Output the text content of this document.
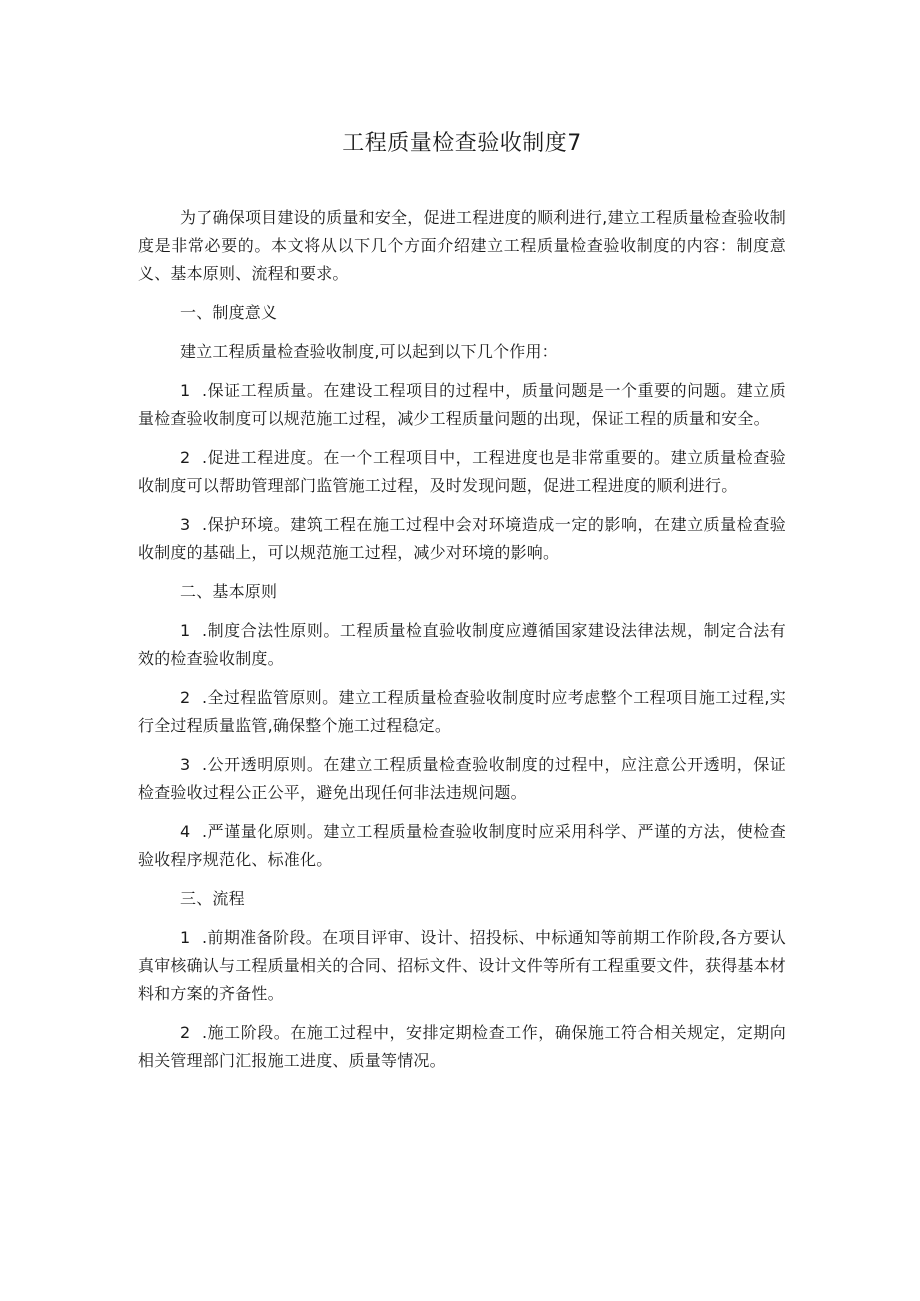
工程质量检查验收制度7

为了确保项目建设的质量和安全，促进工程进度的顺利进行,建立工程质量检查验收制度是非常必要的。本文将从以下几个方面介绍建立工程质量检查验收制度的内容：制度意义、基本原则、流程和要求。

一、制度意义

建立工程质量检查验收制度,可以起到以下几个作用：

1 .保证工程质量。在建设工程项目的过程中，质量问题是一个重要的问题。建立质量检查验收制度可以规范施工过程，减少工程质量问题的出现，保证工程的质量和安全。

2 .促进工程进度。在一个工程项目中，工程进度也是非常重要的。建立质量检查验收制度可以帮助管理部门监管施工过程，及时发现问题，促进工程进度的顺利进行。

3 .保护环境。建筑工程在施工过程中会对环境造成一定的影响，在建立质量检查验收制度的基础上，可以规范施工过程，减少对环境的影响。

二、基本原则

1 .制度合法性原则。工程质量检直验收制度应遵循国家建设法律法规，制定合法有效的检查验收制度。

2 .全过程监管原则。建立工程质量检查验收制度时应考虑整个工程项目施工过程,实行全过程质量监管,确保整个施工过程稳定。

3 .公开透明原则。在建立工程质量检查验收制度的过程中，应注意公开透明，保证检查验收过程公正公平，避免出现任何非法违规问题。

4 .严谨量化原则。建立工程质量检查验收制度时应采用科学、严谨的方法，使检查验收程序规范化、标准化。

三、流程

1 .前期准备阶段。在项目评审、设计、招投标、中标通知等前期工作阶段,各方要认真审核确认与工程质量相关的合同、招标文件、设计文件等所有工程重要文件，获得基本材料和方案的齐备性。

2 .施工阶段。在施工过程中，安排定期检查工作，确保施工符合相关规定，定期向相关管理部门汇报施工进度、质量等情况。
